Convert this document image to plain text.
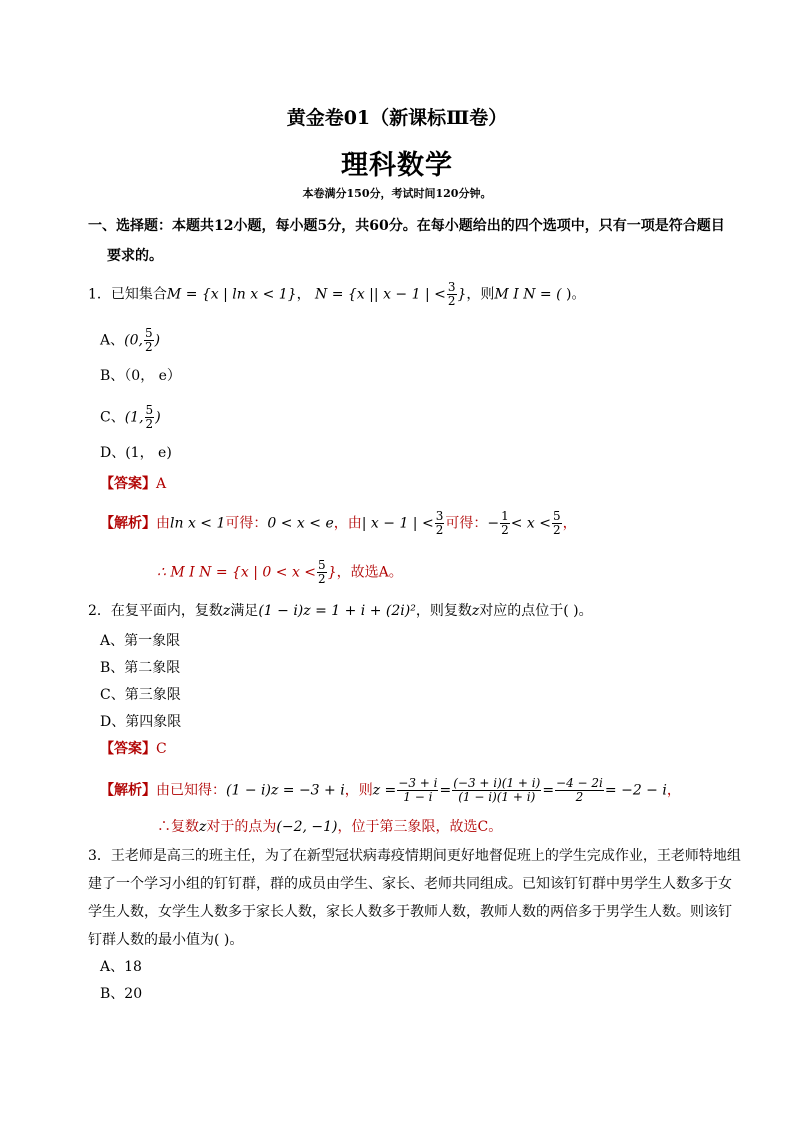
黄金卷01（新课标Ⅲ卷）
理科数学
本卷满分150分，考试时间120分钟。
一、选择题：本题共12小题，每小题5分，共60分。在每小题给出的四个选项中，只有一项是符合题目
要求的。
1．已知集合M = {x | ln x < 1}， N = {x || x − 1 | < $\frac{3}{2}$ }，则M I N = ( )。
A、(0, $\frac{5}{2}$ )
B、（0， e）
C、(1, $\frac{5}{2}$ )
D、(1， e)
【答案】A
【解析】由ln x < 1可得：0 < x < e，由| x − 1 | < $\frac{3}{2}$ 可得：− $\frac{1}{2} < x < \frac{5}{2}$ ，
∴ M I N = {x | $0 < x < \frac{5}{2}$ }，故选A。
2．在复平面内，复数z满足(1 − i)z = 1 + i + (2i)²，则复数z对应的点位于( )。
A、第一象限
B、第二象限
C、第三象限
D、第四象限
【答案】C
【解析】由已知得：(1 − i)z = −3 + i，则$z = \frac{-3 + i}{1 - i} = \frac{(-3 + i)(1 + i)}{(1 - i)(1 + i)} = \frac{-4 - 2i}{2} = -2 - i$，
∴复数z对于的点为(−2, −1)，位于第三象限，故选C。
3．王老师是高三的班主任，为了在新型冠状病毒疫情期间更好地督促班上的学生完成作业，王老师特地组
建了一个学习小组的钉钉群，群的成员由学生、家长、老师共同组成。已知该钉钉群中男学生人数多于女
学生人数，女学生人数多于家长人数，家长人数多于教师人数，教师人数的两倍多于男学生人数。则该钉
钉群人数的最小值为( )。
A、18
B、20
